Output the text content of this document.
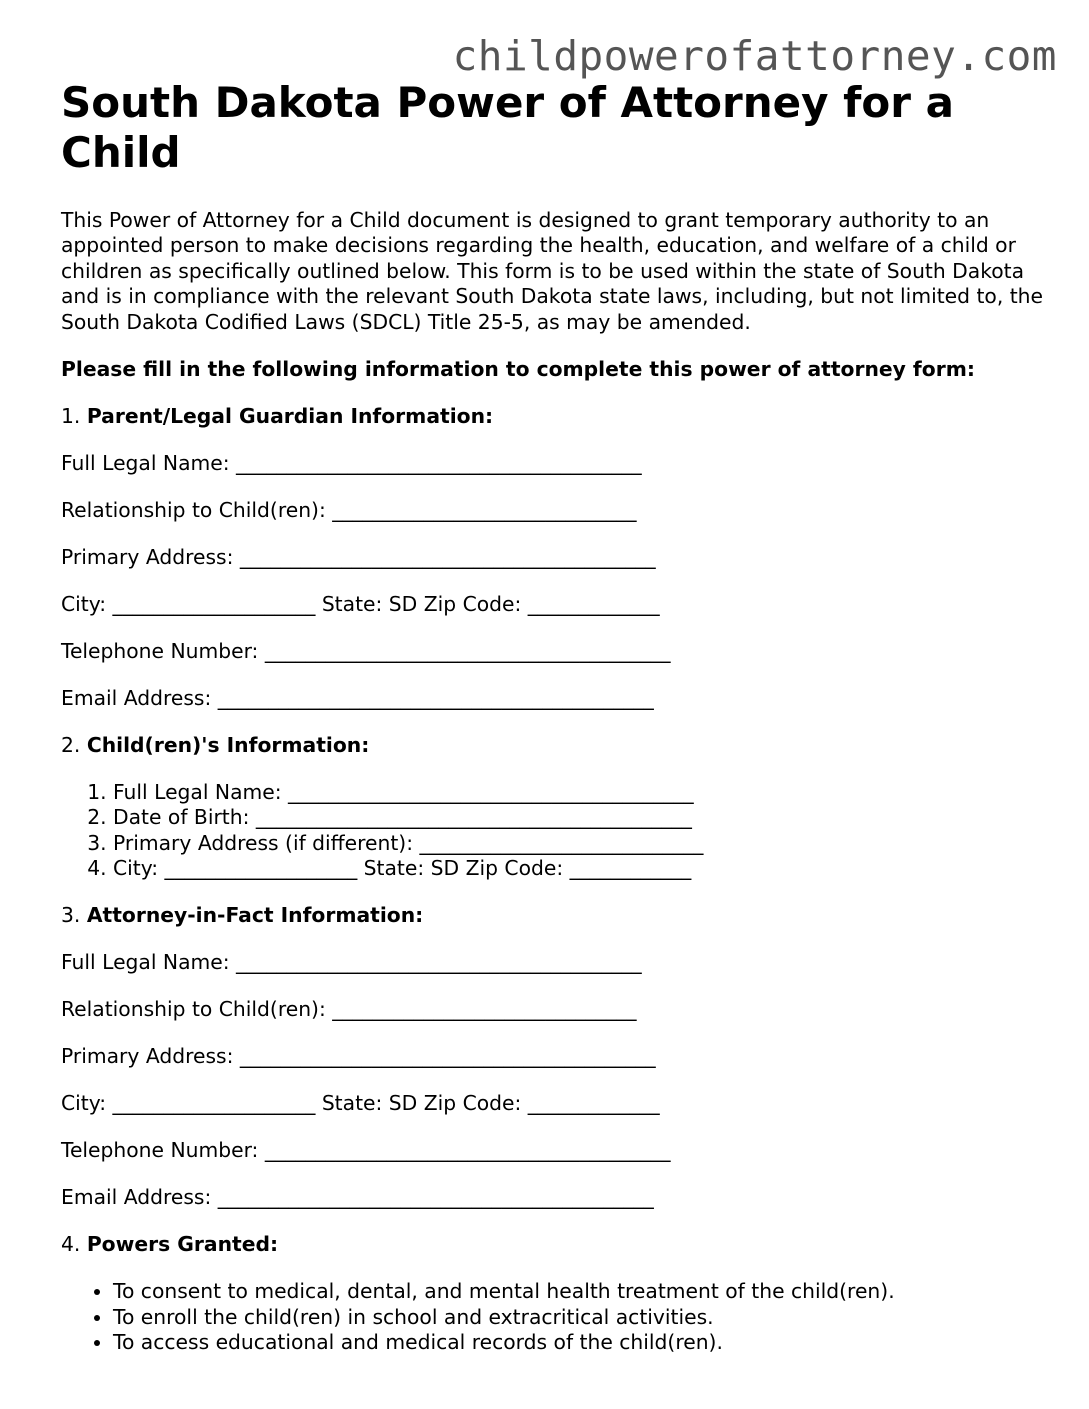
childpowerofattorney.com
South Dakota Power of Attorney for a Child

This Power of Attorney for a Child document is designed to grant temporary authority to an appointed person to make decisions regarding the health, education, and welfare of a child or children as specifically outlined below. This form is to be used within the state of South Dakota and is in compliance with the relevant South Dakota state laws, including, but not limited to, the South Dakota Codified Laws (SDCL) Title 25-5, as may be amended.

Please fill in the following information to complete this power of attorney form:

1. Parent/Legal Guardian Information:
Full Legal Name: ________________________________________
Relationship to Child(ren): ______________________________
Primary Address: _________________________________________
City: ____________________ State: SD Zip Code: _____________
Telephone Number: ________________________________________
Email Address: ___________________________________________
2. Child(ren)'s Information:
1. Full Legal Name: ________________________________________
2. Date of Birth: ___________________________________________
3. Primary Address (if different): ____________________________
4. City: ___________________ State: SD Zip Code: ____________
3. Attorney-in-Fact Information:
Full Legal Name: ________________________________________
Relationship to Child(ren): ______________________________
Primary Address: _________________________________________
City: ____________________ State: SD Zip Code: _____________
Telephone Number: ________________________________________
Email Address: ___________________________________________
4. Powers Granted:
• To consent to medical, dental, and mental health treatment of the child(ren).
• To enroll the child(ren) in school and extracritical activities.
• To access educational and medical records of the child(ren).
